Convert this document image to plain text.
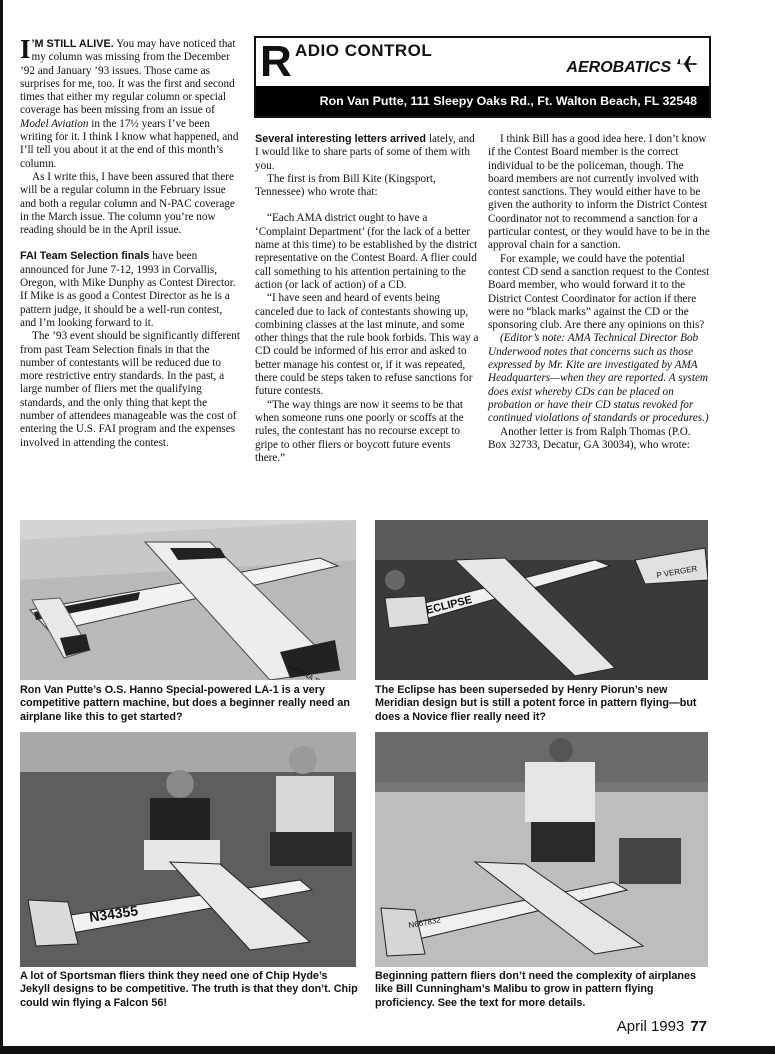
R ADIO CONTROL
AEROBATICS
Ron Van Putte, 111 Sleepy Oaks Rd., Ft. Walton Beach, FL 32548

I ’M STILL ALIVE. You may have noticed that my column was missing from the December ’92 and January ’93 issues. Those came as surprises for me, too. It was the first and second times that either my regular column or special coverage has been missing from an issue of Model Aviation in the 17½ years I’ve been writing for it. I think I know what happened, and I’ll tell you about it at the end of this month’s column.

As I write this, I have been assured that there will be a regular column in the February issue and both a regular column and N-PAC coverage in the March issue. The column you’re now reading should be in the April issue.

FAI Team Selection finals have been announced for June 7-12, 1993 in Corvallis, Oregon, with Mike Dunphy as Contest Director. If Mike is as good a Contest Director as he is a pattern judge, it should be a well-run contest, and I’m looking forward to it.

The ’93 event should be significantly different from past Team Selection finals in that the number of contestants will be reduced due to more restrictive entry standards. In the past, a large number of fliers met the qualifying standards, and the only thing that kept the number of attendees manageable was the cost of entering the U.S. FAI program and the expenses involved in attending the contest.

Several interesting letters arrived lately, and I would like to share parts of some of them with you.

The first is from Bill Kite (Kingsport, Tennessee) who wrote that:

“Each AMA district ought to have a ‘Complaint Department’ (for the lack of a better name at this time) to be established by the district representative on the Contest Board. A flier could call something to his attention pertaining to the action (or lack of action) of a CD.

“I have seen and heard of events being canceled due to lack of contestants showing up, combining classes at the last minute, and some other things that the rule book forbids. This way a CD could be informed of his error and asked to better manage his contest or, if it was repeated, there could be steps taken to refuse sanctions for future contests.

“The way things are now it seems to be that when someone runs one poorly or scoffs at the rules, the contestant has no recourse except to gripe to other fliers or boycott future events there.”

I think Bill has a good idea here. I don’t know if the Contest Board member is the correct individual to be the policeman, though. The board members are not currently involved with contest sanctions. They would either have to be given the authority to inform the District Contest Coordinator not to recommend a sanction for a particular contest, or they would have to be in the approval chain for a sanction.

For example, we could have the potential contest CD send a sanction request to the Contest Board member, who would forward it to the District Contest Coordinator for action if there were no “black marks” against the CD or the sponsoring club. Are there any opinions on this?

(Editor’s note: AMA Technical Director Bob Underwood notes that concerns such as those expressed by Mr. Kite are investigated by AMA Headquarters—when they are reported. A system does exist whereby CDs can be placed on probation or have their CD status revoked for continued violations of standards or procedures.)

Another letter is from Ralph Thomas (P.O. Box 32733, Decatur, GA 30034), who wrote:

Ron Van Putte’s O.S. Hanno Special-powered LA-1 is a very competitive pattern machine, but does a beginner really need an airplane like this to get started?
ECLIPSE
P VERGER
The Eclipse has been superseded by Henry Piorun’s new Meridian design but is still a potent force in pattern flying—but does a Novice flier really need it?
N34355
A lot of Sportsman fliers think they need one of Chip Hyde’s Jekyll designs to be competitive. The truth is that they don’t. Chip could win flying a Falcon 56!
N667832
Beginning pattern fliers don’t need the complexity of airplanes like Bill Cunningham’s Malibu to grow in pattern flying proficiency. See the text for more details.
April 1993 77
